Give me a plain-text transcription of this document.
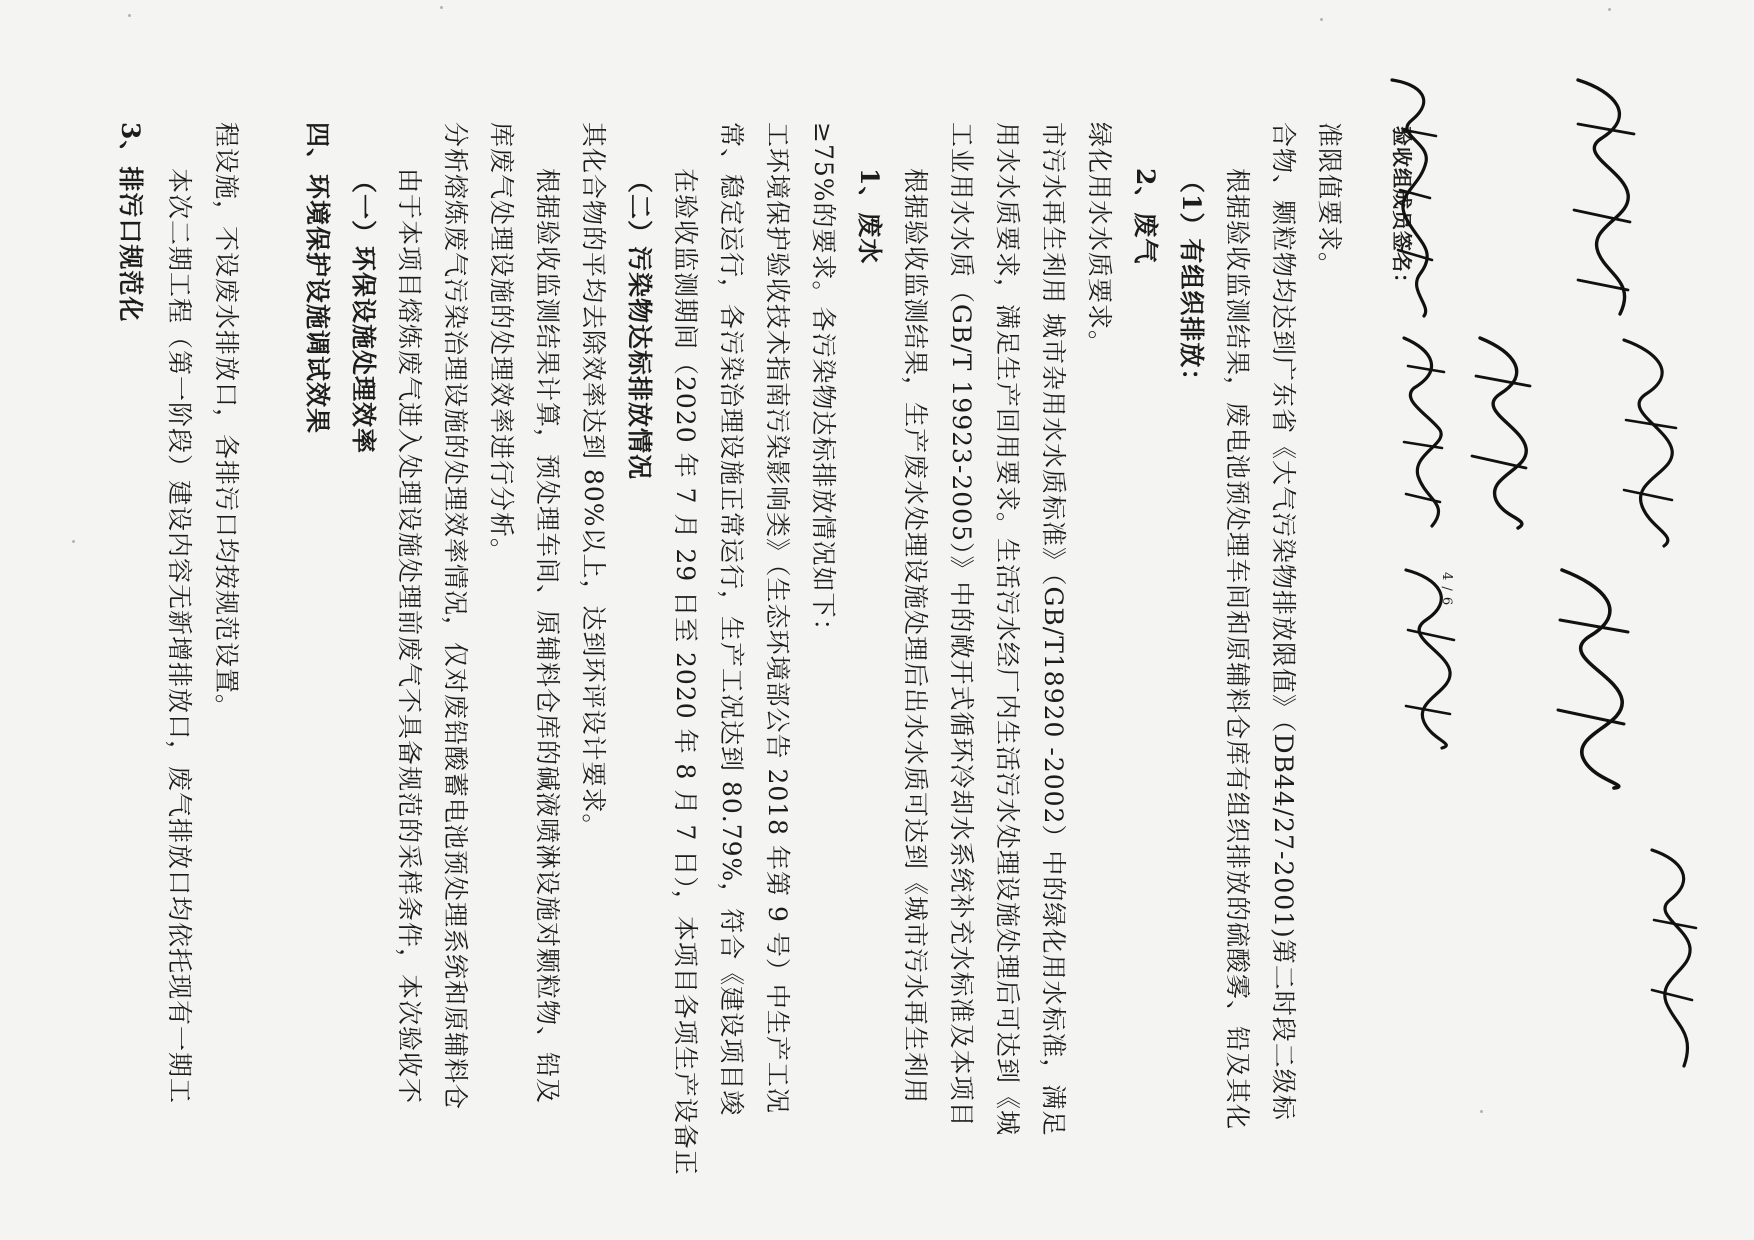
3、排污口规范化 本次二期工程（第一阶段）建设内容无新增排放口，废气排放口均依托现有一期工 程设施，不设废水排放口，各排污口均按规范设置。 四、环境保护设施调试效果 （一）环保设施处理效率 由于本项目熔炼废气进入处理设施处理前废气不具备规范的采样条件，本次验收不 分析熔炼废气污染治理设施的处理效率情况，仅对废铅酸蓄电池预处理系统和原辅料仓 库废气处理设施的处理效率进行分析。 根据验收监测结果计算，预处理车间、原辅料仓库的碱液喷淋设施对颗粒物、铅及 其化合物的平均去除效率达到 80%以上，达到环评设计要求。 （二）污染物达标排放情况 在验收监测期间（2020 年 7 月 29 日至 2020 年 8 月 7 日），本项目各项生产设备正 常、稳定运行，各污染治理设施正常运行，生产工况达到 80.79%，符合《建设项目竣 工环境保护验收技术指南污染影响类》（生态环境部公告 2018 年第 9 号）中生产工况 ≥75%的要求。各污染物达标排放情况如下： 1、废水 根据验收监测结果，生产废水处理设施处理后出水水质可达到《城市污水再生利用 工业用水水质（GB/T 19923-2005）》中的敞开式循环冷却水系统补充水标准及本项目 用水水质要求，满足生产回用要求。生活污水经厂内生活污水处理设施处理后可达到《城 市污水再生利用 城市杂用水水质标准》（GB/T18920 -2002）中的绿化用水标准，满足 绿化用水水质要求。 2、废气 （1）有组织排放： 根据验收监测结果，废电池预处理车间和原辅料仓库有组织排放的硫酸雾、铅及其化 合物、颗粒物均达到广东省《大气污染物排放限值》（DB44/27-2001)第二时段二级标 准限值要求。 验收组成员签名：
4 / 6
